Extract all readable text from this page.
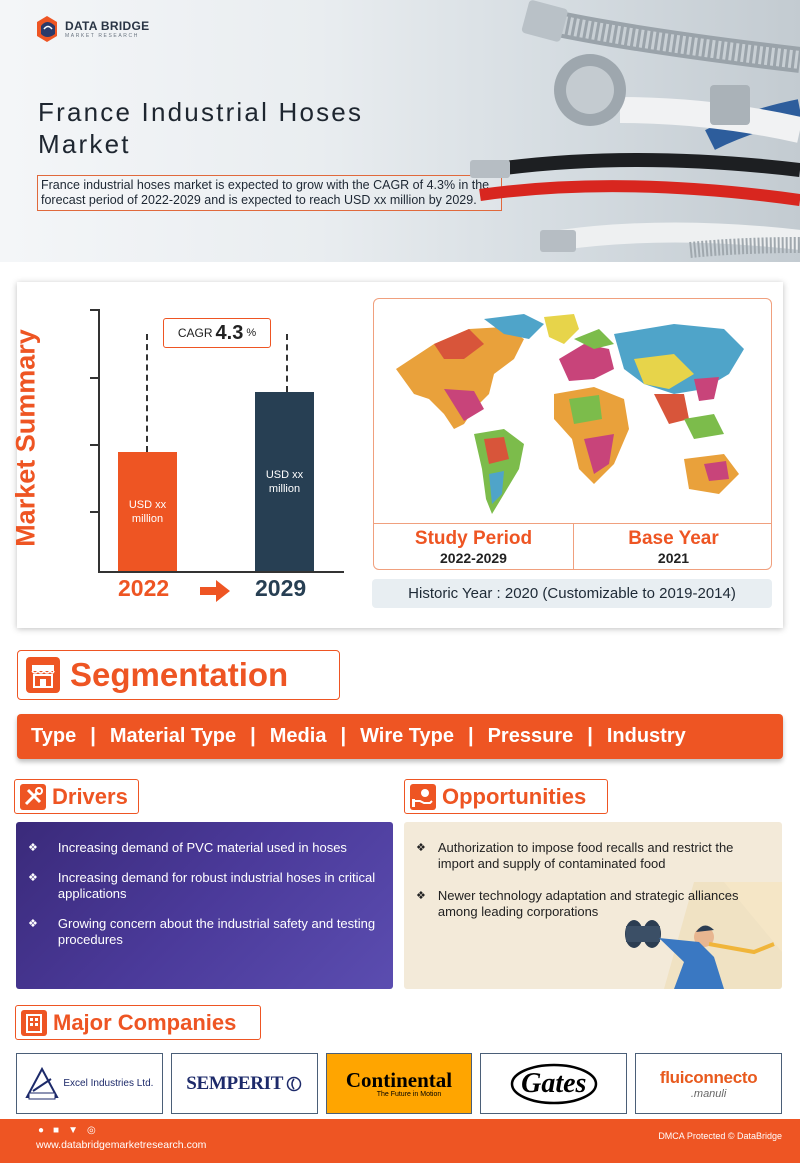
DATA BRIDGE
MARKET RESEARCH
France Industrial Hoses
Market
France industrial hoses market is expected to grow with the CAGR of 4.3% in the forecast period of 2022-2029 and is expected to reach USD xx million by 2029.
Market Summary	USD xx million
USD xx million
CAGR 4.3 %
2022	2029
Study Period
2022-2029
Base Year
2021
Historic Year : 2020 (Customizable to 2019-2014)
Segmentation
Type | Material Type | Media | Wire Type | Pressure | Industry
Drivers
❖ Increasing demand of PVC material used in hoses
❖ Increasing demand for robust industrial hoses in critical applications
❖ Growing concern about the industrial safety and testing procedures
Opportunities
❖ Authorization to impose food recalls and restrict the import and supply of contaminated food
❖ Newer technology adaptation and strategic alliances among leading corporations
Major Companies
Excel Industries Ltd. SEMPERIT	Continental
The Future in Motion	Gates	fluiconnecto
.manuli
● ■ ▼ ◎
www.databridgemarketresearch.com
DMCA Protected © DataBridge
